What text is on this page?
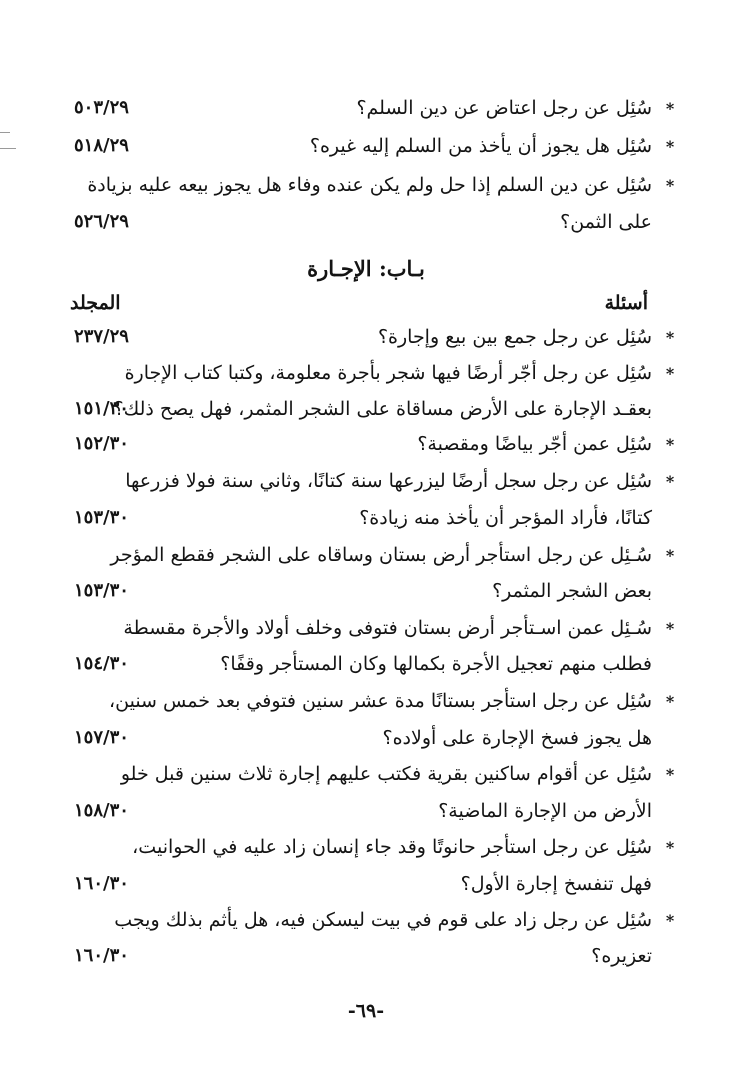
*سُئِل عن رجل اعتاض عن دين السلم؟
٥٠٣/٢٩
*سُئِل هل يجوز أن يأخذ من السلم إليه غيره؟
٥١٨/٢٩
*سُئِل عن دين السلم إذا حل ولم يكن عنده وفاء هل يجوز بيعه عليه بزيادة
على الثمن؟
٥٢٦/٢٩
بـاب: الإجـارة
أسئلة
المجلد
*سُئِل عن رجل جمع بين بيع وإجارة؟
٢٣٧/٢٩
*سُئِل عن رجل أجّر أرضًا فيها شجر بأجرة معلومة، وكتبا كتاب الإجارة
بعقـد الإجارة على الأرض مساقاة على الشجر المثمر، فهل يصح ذلك؟
١٥١/٣٠
*سُئِل عمن أجّر بياضًا ومقصبة؟
١٥٢/٣٠
*سُئِل عن رجل سجل أرضًا ليزرعها سنة كتانًا، وثاني سنة فولا فزرعها
كتانًا، فأراد المؤجر أن يأخذ منه زيادة؟
١٥٣/٣٠
*سُـئِل عن رجل استأجر أرض بستان وساقاه على الشجر فقطع المؤجر
بعض الشجر المثمر؟
١٥٣/٣٠
*سُـئِل عمن اسـتأجر أرض بستان فتوفى وخلف أولاد والأجرة مقسطة
فطلب منهم تعجيل الأجرة بكمالها وكان المستأجر وقفًا؟
١٥٤/٣٠
*سُئِل عن رجل استأجر بستانًا مدة عشر سنين فتوفي بعد خمس سنين،
هل يجوز فسخ الإجارة على أولاده؟
١٥٧/٣٠
*سُئِل عن أقوام ساكنين بقرية فكتب عليهم إجارة ثلاث سنين قبل خلو
الأرض من الإجارة الماضية؟
١٥٨/٣٠
*سُئِل عن رجل استأجر حانوتًا وقد جاء إنسان زاد عليه في الحوانيت،
فهل تنفسخ إجارة الأول؟
١٦٠/٣٠
*سُئِل عن رجل زاد على قوم في بيت ليسكن فيه، هل يأثم بذلك ويجب
تعزيره؟
١٦٠/٣٠
-٦٩-
